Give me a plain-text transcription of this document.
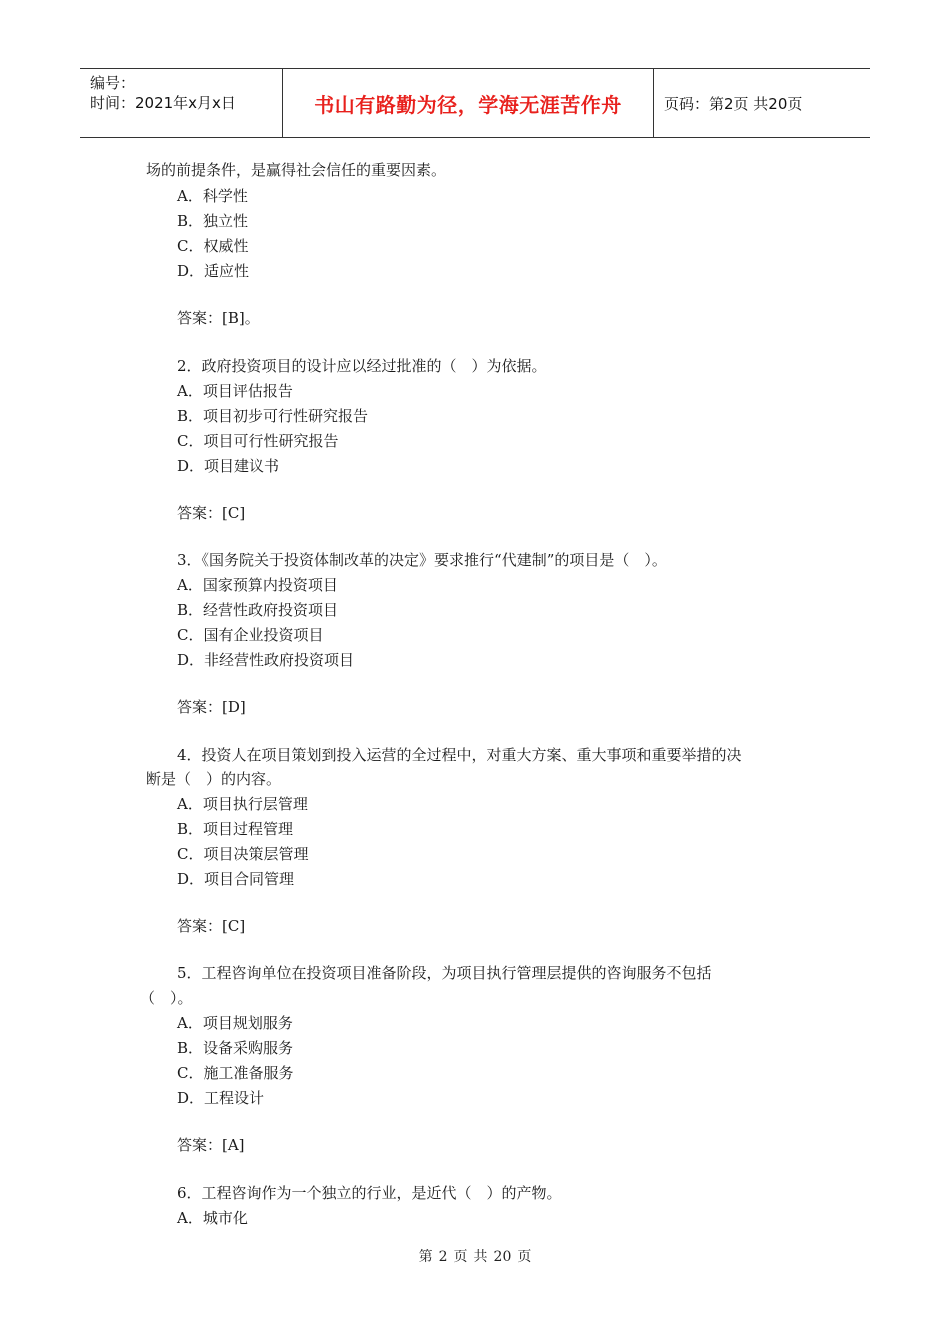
编号：
时间：2021年x月x日	书山有路勤为径，学海无涯苦作舟	页码：第2页 共20页
场的前提条件，是赢得社会信任的重要因素。
A．科学性
B．独立性
C．权威性
D．适应性
答案：[B]。
2．政府投资项目的设计应以经过批准的（　）为依据。
A．项目评估报告
B．项目初步可行性研究报告
C．项目可行性研究报告
D．项目建议书
答案：[C]
3．《国务院关于投资体制改革的决定》要求推行“代建制”的项目是（　）。
A．国家预算内投资项目
B．经营性政府投资项目
C．国有企业投资项目
D．非经营性政府投资项目
答案：[D]
4．投资人在项目策划到投入运营的全过程中，对重大方案、重大事项和重要举措的决
断是（　）的内容。
A．项目执行层管理
B．项目过程管理
C．项目决策层管理
D．项目合同管理
答案：[C]
5．工程咨询单位在投资项目准备阶段，为项目执行管理层提供的咨询服务不包括
（　）。
A．项目规划服务
B．设备采购服务
C．施工准备服务
D．工程设计
答案：[A]
6．工程咨询作为一个独立的行业，是近代（　）的产物。
A．城市化
第 2 页 共 20 页
